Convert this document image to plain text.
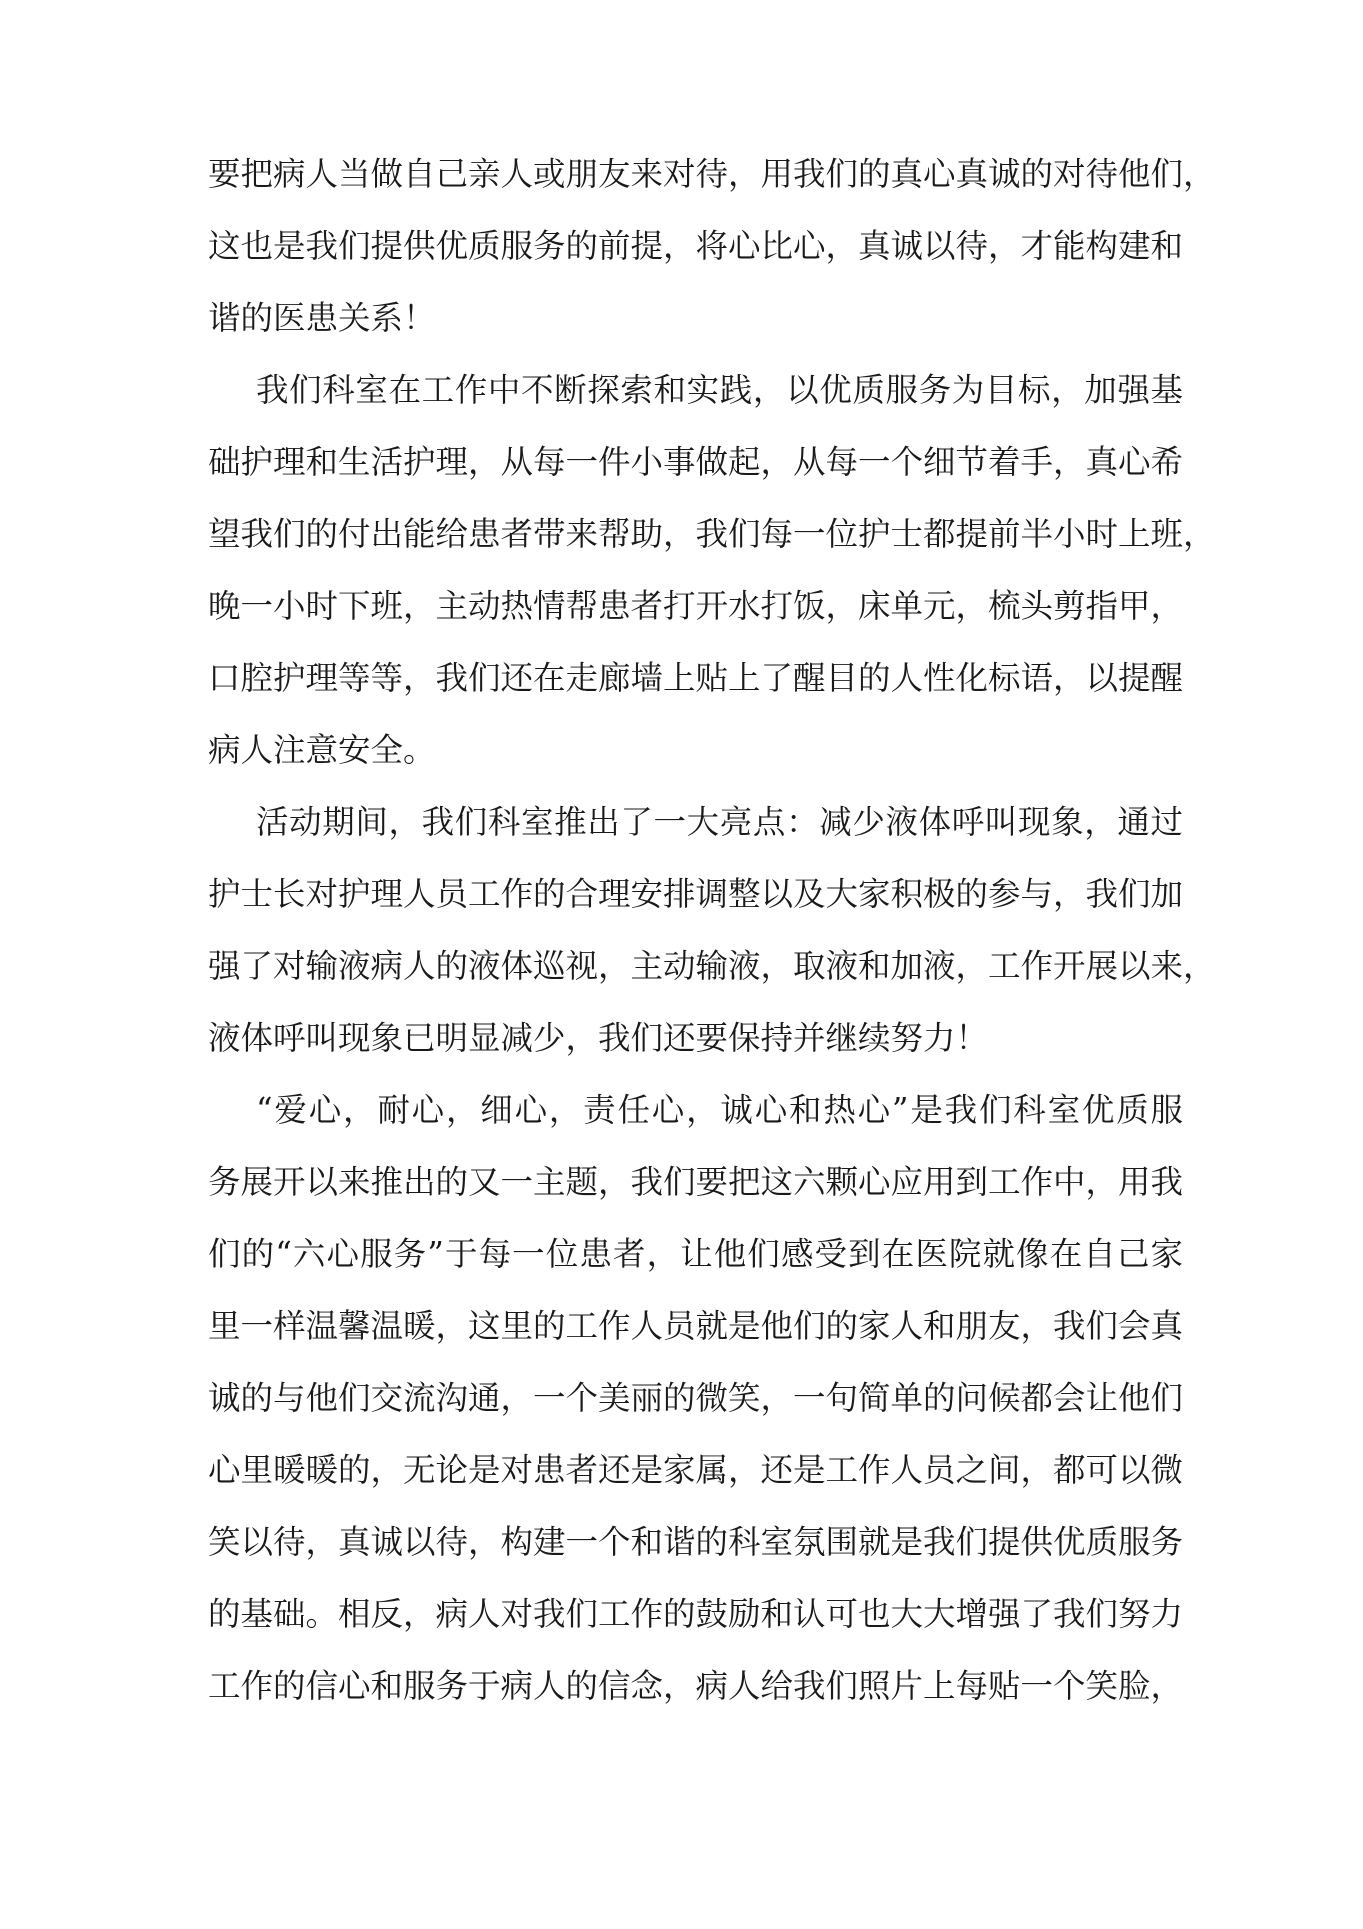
要把病人当做自己亲人或朋友来对待，用我们的真心真诚的对待他们，
这也是我们提供优质服务的前提，将心比心，真诚以待，才能构建和
谐的医患关系！
我们科室在工作中不断探索和实践，以优质服务为目标，加强基
础护理和生活护理，从每一件小事做起，从每一个细节着手，真心希
望我们的付出能给患者带来帮助，我们每一位护士都提前半小时上班，
晚一小时下班，主动热情帮患者打开水打饭，床单元，梳头剪指甲，
口腔护理等等，我们还在走廊墙上贴上了醒目的人性化标语，以提醒
病人注意安全。
活动期间，我们科室推出了一大亮点：减少液体呼叫现象，通过
护士长对护理人员工作的合理安排调整以及大家积极的参与，我们加
强了对输液病人的液体巡视，主动输液，取液和加液，工作开展以来，
液体呼叫现象已明显减少，我们还要保持并继续努力！
“爱心，耐心，细心，责任心，诚心和热心”是我们科室优质服
务展开以来推出的又一主题，我们要把这六颗心应用到工作中，用我
们的“六心服务”于每一位患者，让他们感受到在医院就像在自己家
里一样温馨温暖，这里的工作人员就是他们的家人和朋友，我们会真
诚的与他们交流沟通，一个美丽的微笑，一句简单的问候都会让他们
心里暖暖的，无论是对患者还是家属，还是工作人员之间，都可以微
笑以待，真诚以待，构建一个和谐的科室氛围就是我们提供优质服务
的基础。相反，病人对我们工作的鼓励和认可也大大增强了我们努力
工作的信心和服务于病人的信念，病人给我们照片上每贴一个笑脸，
